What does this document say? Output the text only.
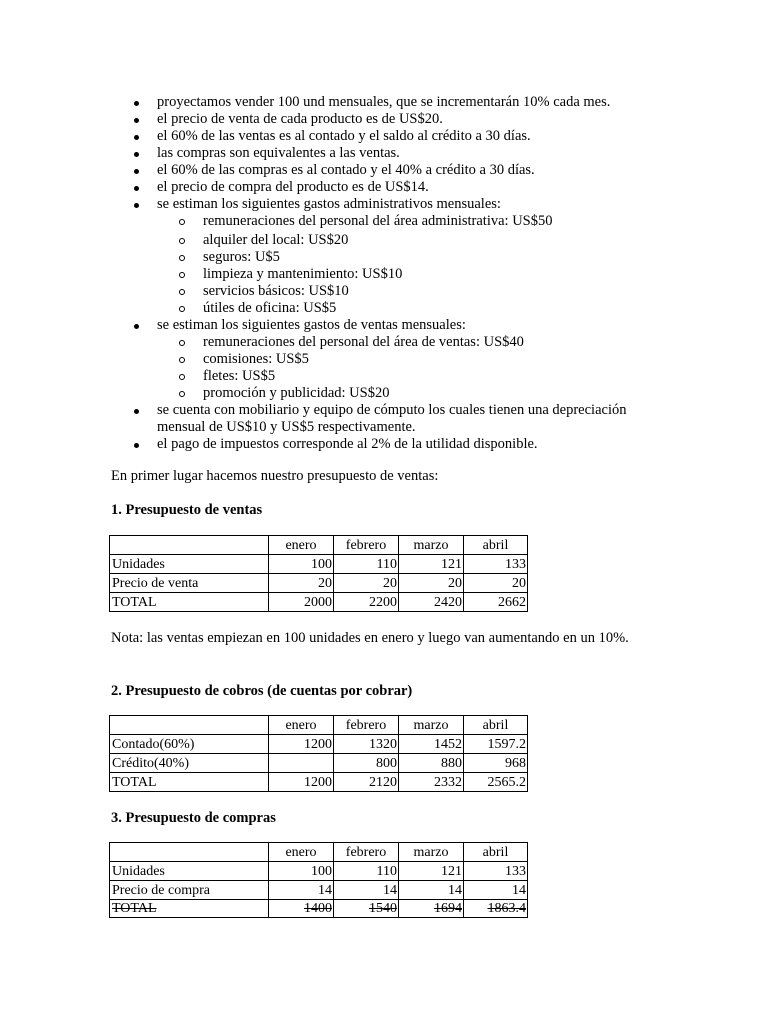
proyectamos vender 100 und mensuales, que se incrementarán 10% cada mes.
el precio de venta de cada producto es de US$20.
el 60% de las ventas es al contado y el saldo al crédito a 30 días.
las compras son equivalentes a las ventas.
el 60% de las compras es al contado y el 40% a crédito a 30 días.
el precio de compra del producto es de US$14.
se estiman los siguientes gastos administrativos mensuales:
remuneraciones del personal del área administrativa: US$50
alquiler del local: US$20
seguros: U$5
limpieza y mantenimiento: US$10
servicios básicos: US$10
útiles de oficina: US$5
se estiman los siguientes gastos de ventas mensuales:
remuneraciones del personal del área de ventas: US$40
comisiones: US$5
fletes: US$5
promoción y publicidad: US$20
se cuenta con mobiliario y equipo de cómputo los cuales tienen una depreciación mensual de US$10 y US$5 respectivamente.
el pago de impuestos corresponde al 2% de la utilidad disponible.
En primer lugar hacemos nuestro presupuesto de ventas:
1. Presupuesto de ventas
	enero	febrero	marzo	abril
Unidades	100	110	121	133
Precio de venta	20	20	20	20
TOTAL	2000	2200	2420	2662
Nota: las ventas empiezan en 100 unidades en enero y luego van aumentando en un 10%.
2. Presupuesto de cobros (de cuentas por cobrar)
	enero	febrero	marzo	abril
Contado(60%)	1200	1320	1452	1597.2
Crédito(40%)		800	880	968
TOTAL	1200	2120	2332	2565.2
3. Presupuesto de compras
	enero	febrero	marzo	abril
Unidades	100	110	121	133
Precio de compra	14	14	14	14
TOTAL	1400	1540	1694	1863.4
